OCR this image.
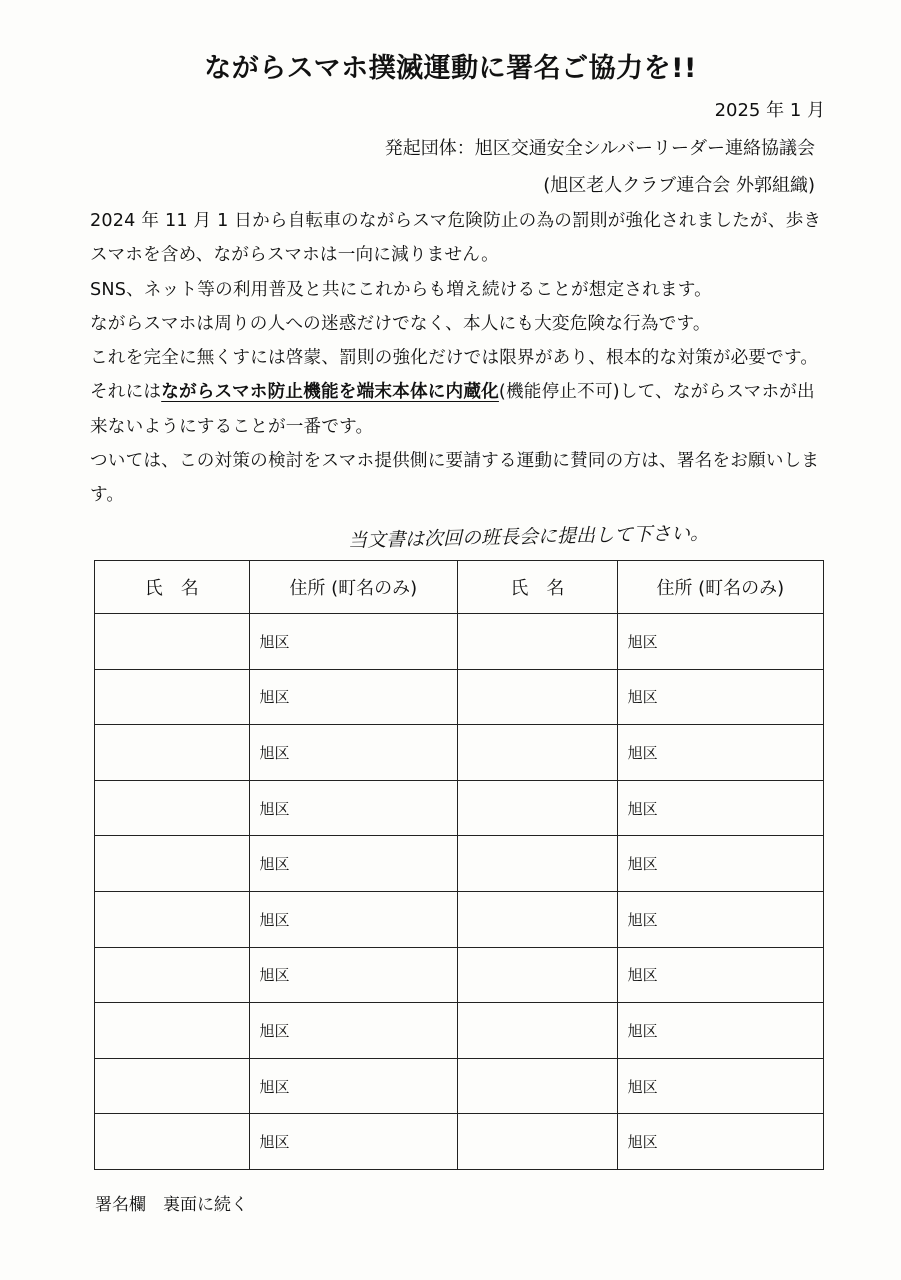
ながらスマホ撲滅運動に署名ご協力を!!
2025 年 1 月
発起団体：旭区交通安全シルバーリーダー連絡協議会
(旭区老人クラブ連合会 外郭組織)

2024 年 11 月 1 日から自転車のながらスマ危険防止の為の罰則が強化されましたが、歩きスマホを含め、ながらスマホは一向に減りません。

SNS、ネット等の利用普及と共にこれからも増え続けることが想定されます。

ながらスマホは周りの人への迷惑だけでなく、本人にも大変危険な行為です。

これを完全に無くすには啓蒙、罰則の強化だけでは限界があり、根本的な対策が必要です。それにはながらスマホ防止機能を端末本体に内蔵化(機能停止不可)して、ながらスマホが出来ないようにすることが一番です。

ついては、この対策の検討をスマホ提供側に要請する運動に賛同の方は、署名をお願いします。

当文書は次回の班長会に提出して下さい。
氏　名	住所 (町名のみ)	氏　名	住所 (町名のみ)
	旭区		旭区
	旭区		旭区
	旭区		旭区
	旭区		旭区
	旭区		旭区
	旭区		旭区
	旭区		旭区
	旭区		旭区
	旭区		旭区
	旭区		旭区
署名欄　裏面に続く
